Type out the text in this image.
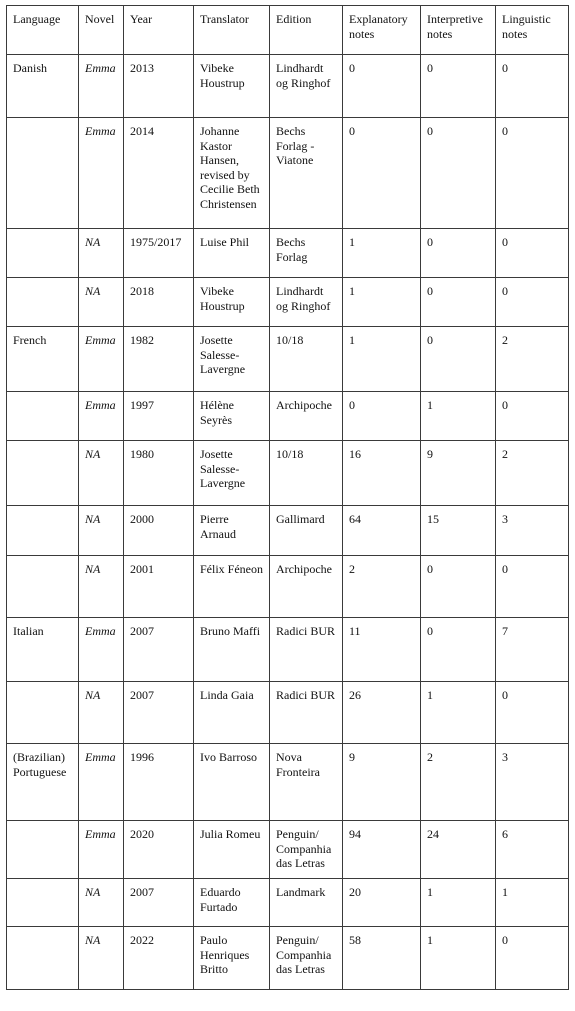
Language	Novel	Year	Translator	Edition	Explanatory notes	Interpretive notes	Linguistic notes
Danish	Emma	2013	Vibeke Houstrup	Lindhardt og Ringhof	0	0	0
	Emma	2014	Johanne Kastor Hansen, revised by Cecilie Beth Christensen	Bechs Forlag - Viatone	0	0	0
	NA	1975/2017	Luise Phil	Bechs Forlag	1	0	0
	NA	2018	Vibeke Houstrup	Lindhardt og Ringhof	1	0	0
French	Emma	1982	Josette Salesse-Lavergne	10/18	1	0	2
	Emma	1997	Hélène Seyrès	Archipoche	0	1	0
	NA	1980	Josette Salesse-Lavergne	10/18	16	9	2
	NA	2000	Pierre Arnaud	Gallimard	64	15	3
	NA	2001	Félix Féneon	Archipoche	2	0	0
Italian	Emma	2007	Bruno Maffi	Radici BUR	11	0	7
	NA	2007	Linda Gaia	Radici BUR	26	1	0
(Brazilian) Portuguese	Emma	1996	Ivo Barroso	Nova Fronteira	9	2	3
	Emma	2020	Julia Romeu	Penguin/ Companhia das Letras	94	24	6
	NA	2007	Eduardo Furtado	Landmark	20	1	1
	NA	2022	Paulo Henriques Britto	Penguin/ Companhia das Letras	58	1	0
